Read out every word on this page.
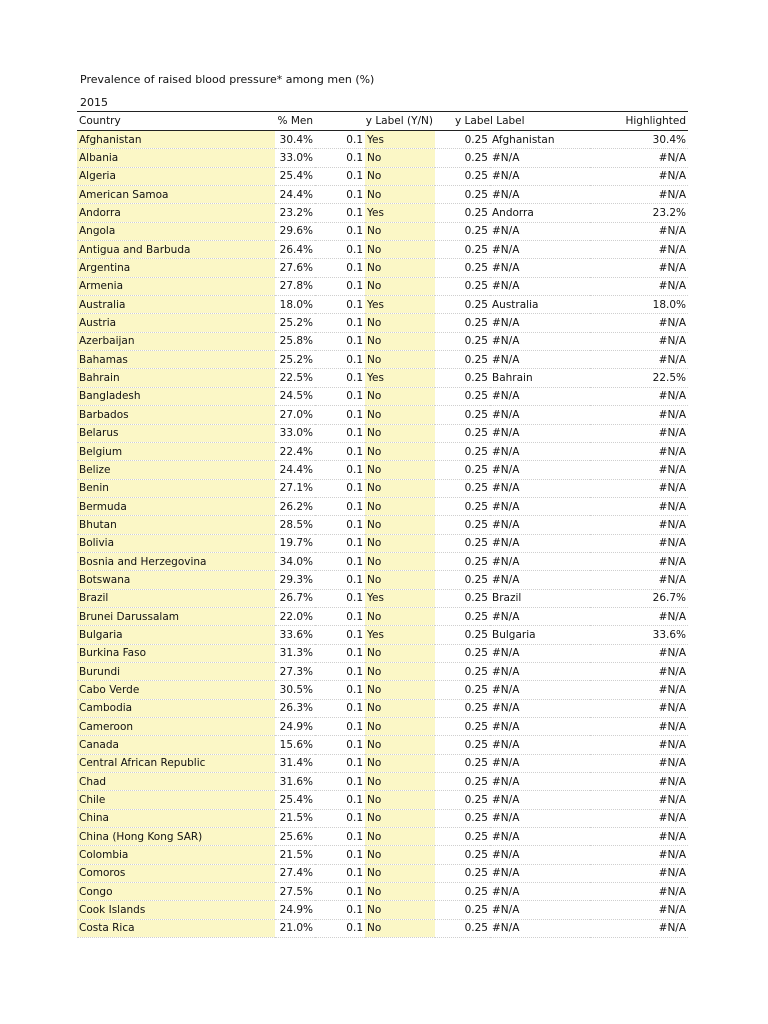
Prevalence of raised blood pressure* among men (%)
2015
Country	% Men	y Label (Y/N)		y Label Label		Highlighted
Afghanistan	30.4%	0.1	Yes	0.25	Afghanistan	30.4%
Albania	33.0%	0.1	No	0.25	#N/A	#N/A
Algeria	25.4%	0.1	No	0.25	#N/A	#N/A
American Samoa	24.4%	0.1	No	0.25	#N/A	#N/A
Andorra	23.2%	0.1	Yes	0.25	Andorra	23.2%
Angola	29.6%	0.1	No	0.25	#N/A	#N/A
Antigua and Barbuda	26.4%	0.1	No	0.25	#N/A	#N/A
Argentina	27.6%	0.1	No	0.25	#N/A	#N/A
Armenia	27.8%	0.1	No	0.25	#N/A	#N/A
Australia	18.0%	0.1	Yes	0.25	Australia	18.0%
Austria	25.2%	0.1	No	0.25	#N/A	#N/A
Azerbaijan	25.8%	0.1	No	0.25	#N/A	#N/A
Bahamas	25.2%	0.1	No	0.25	#N/A	#N/A
Bahrain	22.5%	0.1	Yes	0.25	Bahrain	22.5%
Bangladesh	24.5%	0.1	No	0.25	#N/A	#N/A
Barbados	27.0%	0.1	No	0.25	#N/A	#N/A
Belarus	33.0%	0.1	No	0.25	#N/A	#N/A
Belgium	22.4%	0.1	No	0.25	#N/A	#N/A
Belize	24.4%	0.1	No	0.25	#N/A	#N/A
Benin	27.1%	0.1	No	0.25	#N/A	#N/A
Bermuda	26.2%	0.1	No	0.25	#N/A	#N/A
Bhutan	28.5%	0.1	No	0.25	#N/A	#N/A
Bolivia	19.7%	0.1	No	0.25	#N/A	#N/A
Bosnia and Herzegovina	34.0%	0.1	No	0.25	#N/A	#N/A
Botswana	29.3%	0.1	No	0.25	#N/A	#N/A
Brazil	26.7%	0.1	Yes	0.25	Brazil	26.7%
Brunei Darussalam	22.0%	0.1	No	0.25	#N/A	#N/A
Bulgaria	33.6%	0.1	Yes	0.25	Bulgaria	33.6%
Burkina Faso	31.3%	0.1	No	0.25	#N/A	#N/A
Burundi	27.3%	0.1	No	0.25	#N/A	#N/A
Cabo Verde	30.5%	0.1	No	0.25	#N/A	#N/A
Cambodia	26.3%	0.1	No	0.25	#N/A	#N/A
Cameroon	24.9%	0.1	No	0.25	#N/A	#N/A
Canada	15.6%	0.1	No	0.25	#N/A	#N/A
Central African Republic	31.4%	0.1	No	0.25	#N/A	#N/A
Chad	31.6%	0.1	No	0.25	#N/A	#N/A
Chile	25.4%	0.1	No	0.25	#N/A	#N/A
China	21.5%	0.1	No	0.25	#N/A	#N/A
China (Hong Kong SAR)	25.6%	0.1	No	0.25	#N/A	#N/A
Colombia	21.5%	0.1	No	0.25	#N/A	#N/A
Comoros	27.4%	0.1	No	0.25	#N/A	#N/A
Congo	27.5%	0.1	No	0.25	#N/A	#N/A
Cook Islands	24.9%	0.1	No	0.25	#N/A	#N/A
Costa Rica	21.0%	0.1	No	0.25	#N/A	#N/A
